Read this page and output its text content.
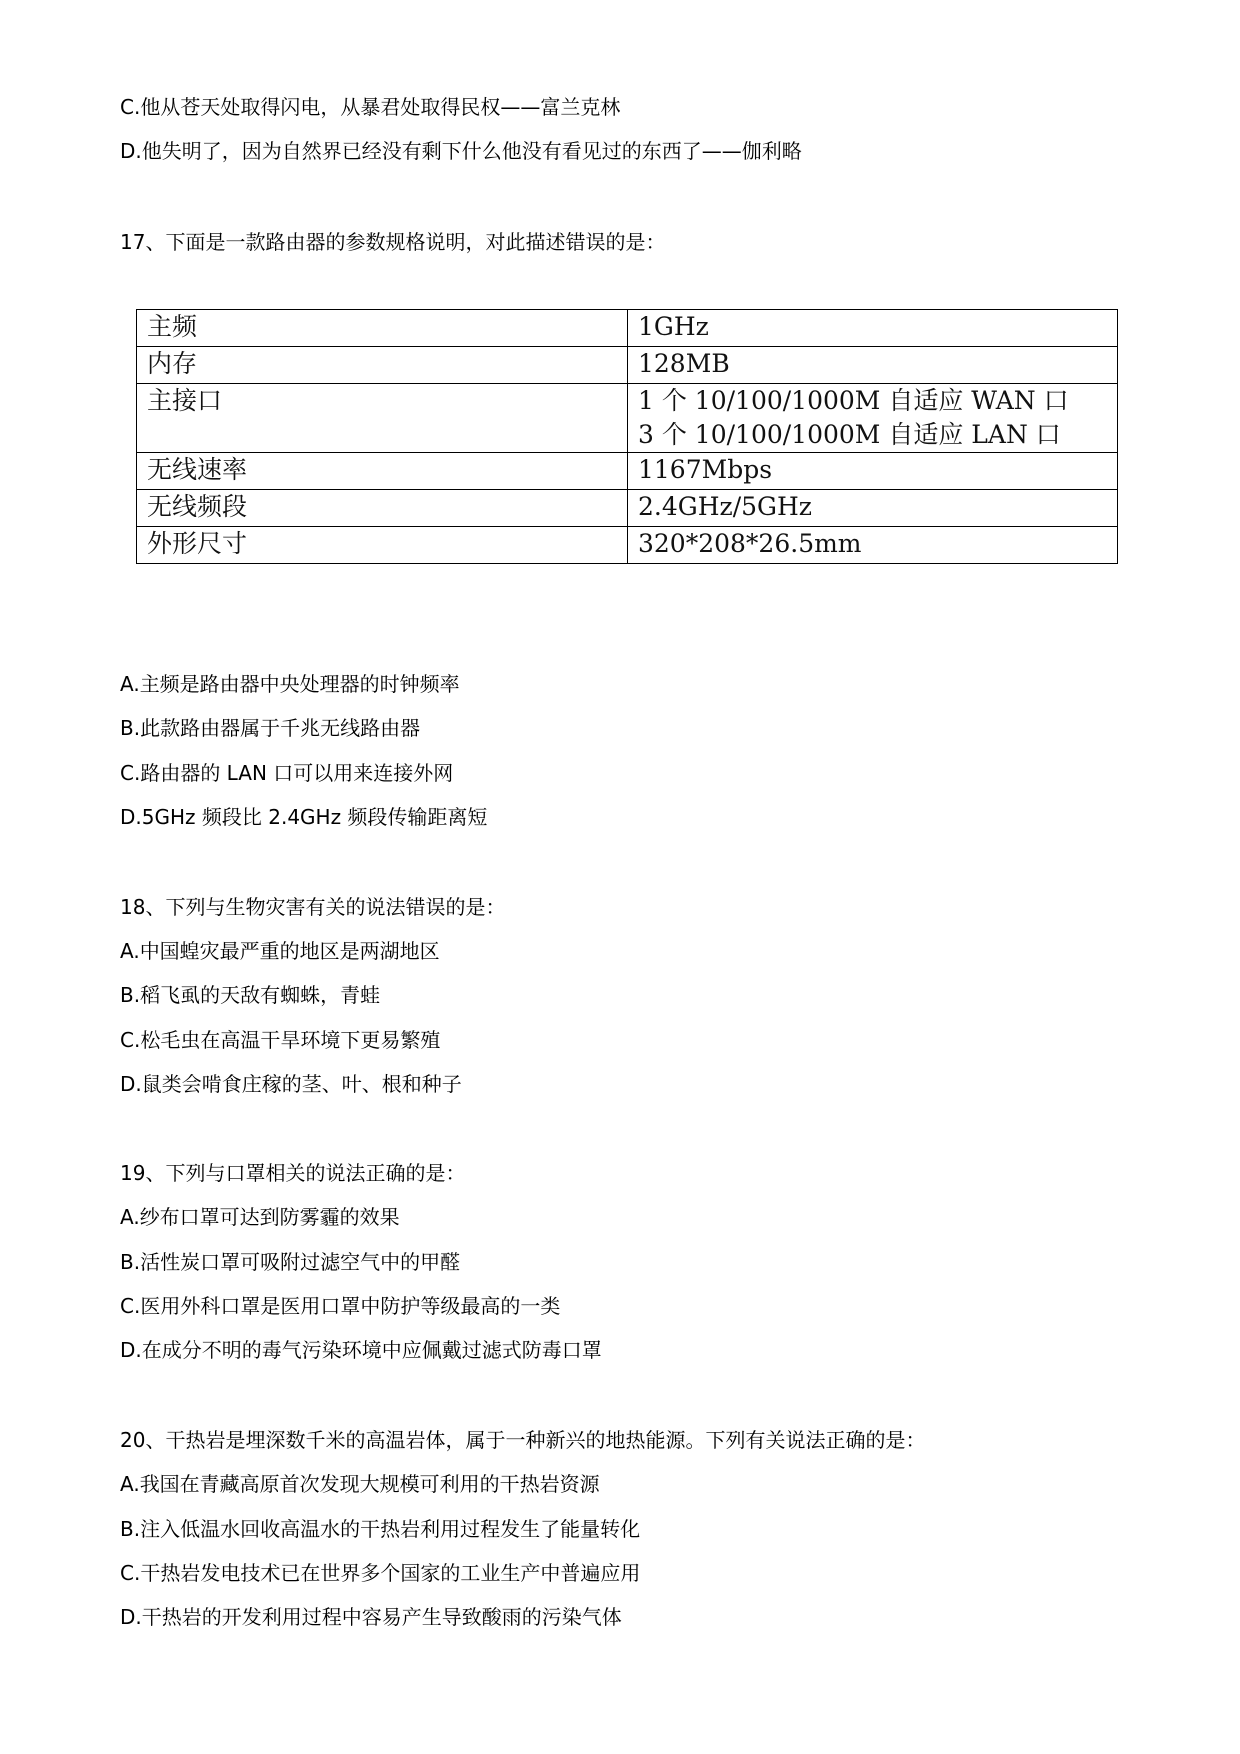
C.他从苍天处取得闪电，从暴君处取得民权——富兰克林
D.他失明了，因为自然界已经没有剩下什么他没有看见过的东西了——伽利略
17、下面是一款路由器的参数规格说明，对此描述错误的是：
主频	1GHz
内存	128MB
主接口	1 个 10/100/1000M 自适应 WAN 口
3 个 10/100/1000M 自适应 LAN 口

无线速率	1167Mbps
无线频段	2.4GHz/5GHz
外形尺寸	320*208*26.5mm
A.主频是路由器中央处理器的时钟频率
B.此款路由器属于千兆无线路由器
C.路由器的 LAN 口可以用来连接外网
D.5GHz 频段比 2.4GHz 频段传输距离短
18、下列与生物灾害有关的说法错误的是：
A.中国蝗灾最严重的地区是两湖地区
B.稻飞虱的天敌有蜘蛛，青蛙
C.松毛虫在高温干旱环境下更易繁殖
D.鼠类会啃食庄稼的茎、叶、根和种子
19、下列与口罩相关的说法正确的是：
A.纱布口罩可达到防雾霾的效果
B.活性炭口罩可吸附过滤空气中的甲醛
C.医用外科口罩是医用口罩中防护等级最高的一类
D.在成分不明的毒气污染环境中应佩戴过滤式防毒口罩
20、干热岩是埋深数千米的高温岩体，属于一种新兴的地热能源。下列有关说法正确的是：
A.我国在青藏高原首次发现大规模可利用的干热岩资源
B.注入低温水回收高温水的干热岩利用过程发生了能量转化
C.干热岩发电技术已在世界多个国家的工业生产中普遍应用
D.干热岩的开发利用过程中容易产生导致酸雨的污染气体
